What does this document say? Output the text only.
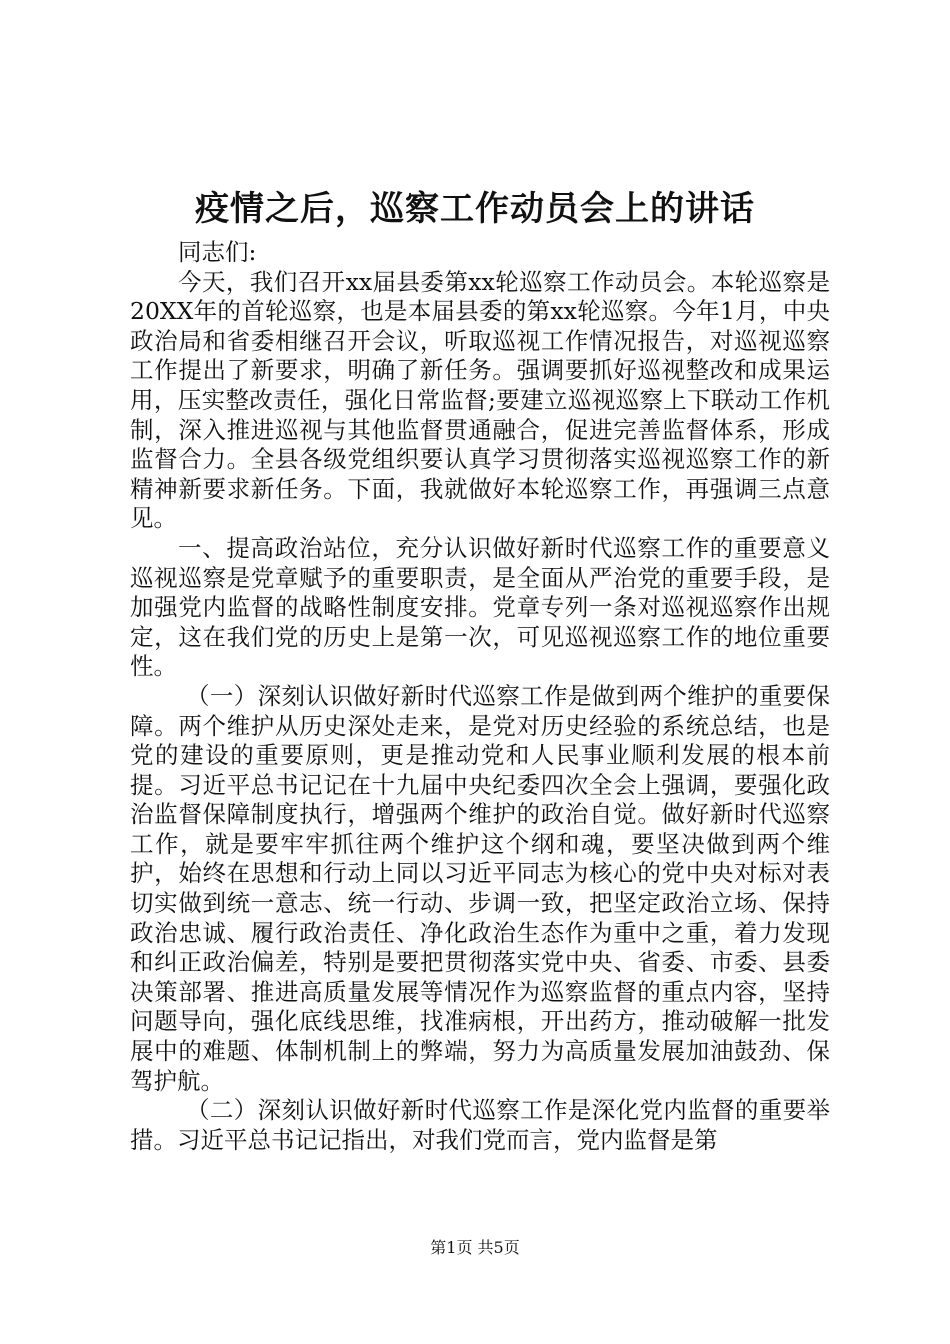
疫情之后，巡察工作动员会上的讲话

同志们:

今天，我们召开xx届县委第xx轮巡察工作动员会。本轮巡察是20XX年的首轮巡察，也是本届县委的第xx轮巡察。今年1月，中央政治局和省委相继召开会议，听取巡视工作情况报告，对巡视巡察工作提出了新要求，明确了新任务。强调要抓好巡视整改和成果运用，压实整改责任，强化日常监督;要建立巡视巡察上下联动工作机制，深入推进巡视与其他监督贯通融合，促进完善监督体系，形成监督合力。全县各级党组织要认真学习贯彻落实巡视巡察工作的新精神新要求新任务。下面，我就做好本轮巡察工作，再强调三点意见。

一、提高政治站位，充分认识做好新时代巡察工作的重要意义巡视巡察是党章赋予的重要职责，是全面从严治党的重要手段，是加强党内监督的战略性制度安排。党章专列一条对巡视巡察作出规定，这在我们党的历史上是第一次，可见巡视巡察工作的地位重要性。

（一）深刻认识做好新时代巡察工作是做到两个维护的重要保障。两个维护从历史深处走来，是党对历史经验的系统总结，也是党的建设的重要原则，更是推动党和人民事业顺利发展的根本前提。习近平总书记记在十九届中央纪委四次全会上强调，要强化政治监督保障制度执行，增强两个维护的政治自觉。做好新时代巡察工作，就是要牢牢抓往两个维护这个纲和魂，要坚决做到两个维护，始终在思想和行动上同以习近平同志为核心的党中央对标对表切实做到统一意志、统一行动、步调一致，把坚定政治立场、保持政治忠诚、履行政治责任、净化政治生态作为重中之重，着力发现和纠正政治偏差，特别是要把贯彻落实党中央、省委、市委、县委决策部署、推进高质量发展等情况作为巡察监督的重点内容，坚持问题导向，强化底线思维，找准病根，开出药方，推动破解一批发展中的难题、体制机制上的弊端，努力为高质量发展加油鼓劲、保驾护航。

（二）深刻认识做好新时代巡察工作是深化党内监督的重要举措。习近平总书记记指出，对我们党而言，党内监督是第

第1页 共5页
